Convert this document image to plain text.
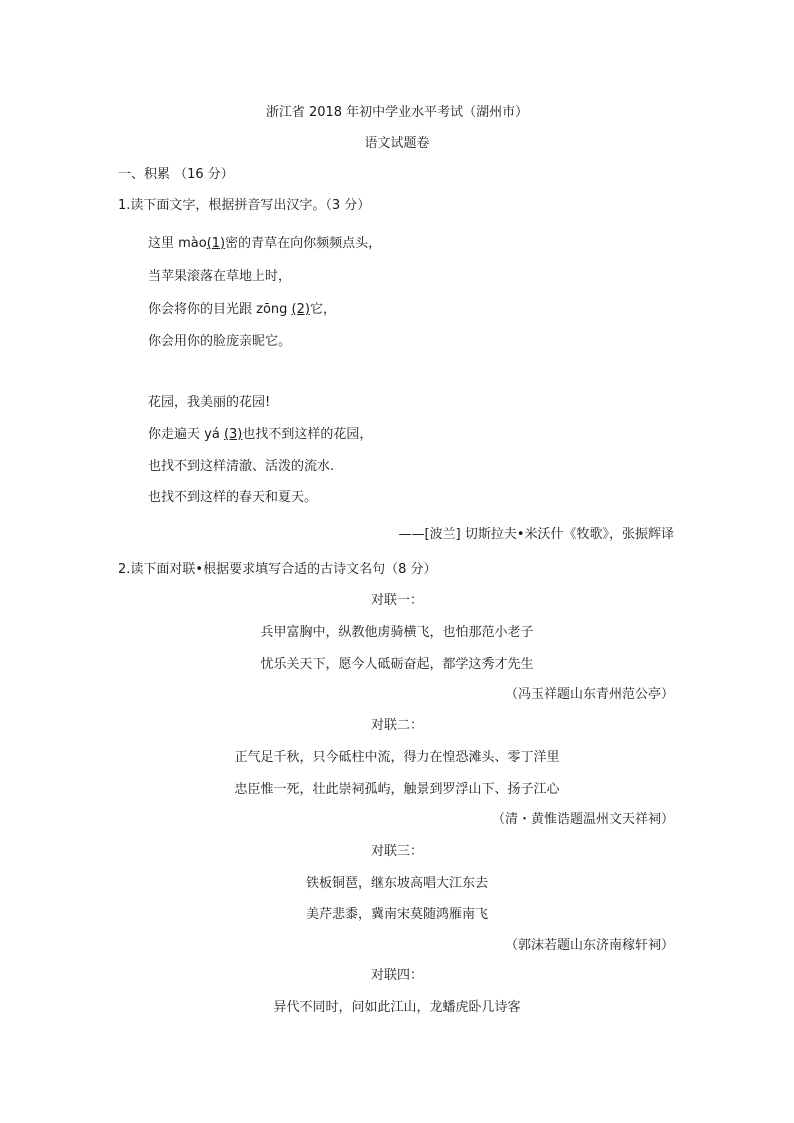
浙江省 2018 年初中学业水平考试（湖州市）
语文试题卷
一、积累 （16 分）
1.读下面文字，根据拼音写出汉字。（3 分）
这里 mào(1)密的青草在向你频频点头，
当苹果滚落在草地上时，
你会将你的目光跟 zōng (2)它，
你会用你的脸庞亲昵它。
花园，我美丽的花园!
你走遍天 yá (3)也找不到这样的花园，
也找不到这样清澈、活泼的流水.
也找不到这样的春天和夏天。
——[波兰] 切斯拉夫•米沃什《牧歌》，张振辉译
2.读下面对联•根据要求填写合适的古诗文名句（8 分）
对联一：
兵甲富胸中，纵教他虏骑横飞，也怕那范小老子
忧乐关天下，愿今人砥砺奋起，都学这秀才先生
（冯玉祥题山东青州范公亭）
对联二：
正气足千秋，只今砥柱中流，得力在惶恐滩头、零丁洋里
忠臣惟一死，壮此崇祠孤屿，触景到罗浮山下、扬子江心
（清・黄惟诰题温州文天祥祠）
对联三：
铁板铜琶，继东坡高唱大江东去
美芹悲黍，冀南宋莫随鸿雁南飞
（郭沫若题山东济南稼轩祠）
对联四：
异代不同时，问如此江山，龙蟠虎卧几诗客
